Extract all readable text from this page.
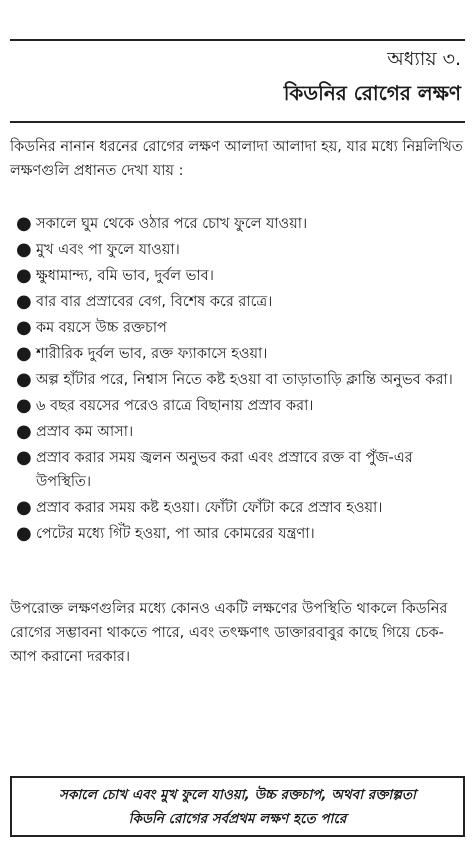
অধ্যায় ৩.
কিডনির রোগের লক্ষণ

কিডনির নানান ধরনের রোগের লক্ষণ আলাদা আলাদা হয়, যার মধ্যে নিম্নলিখিত লক্ষণগুলি প্রধানত দেখা যায় :

● সকালে ঘুম থেকে ওঠার পরে চোখ ফুলে যাওয়া।
● মুখ এবং পা ফুলে যাওয়া।
● ক্ষুধামান্দ্য, বমি ভাব, দুর্বল ভাব।
● বার বার প্রস্রাবের বেগ, বিশেষ করে রাত্রে।
● কম বয়সে উচ্চ রক্তচাপ
● শারীরিক দুর্বল ভাব, রক্ত ফ্যাকাসে হওয়া।
● অল্প হাঁটার পরে, নিশ্বাস নিতে কষ্ট হওয়া বা তাড়াতাড়ি ক্লান্তি অনুভব করা।
● ৬ বছর বয়সের পরেও রাত্রে বিছানায় প্রস্রাব করা।
● প্রস্রাব কম আসা।
● প্রস্রাব করার সময় জ্বলন অনুভব করা এবং প্রস্রাবে রক্ত বা পুঁজ-এর উপস্থিতি।
● প্রস্রাব করার সময় কষ্ট হওয়া। ফোঁটা ফোঁটা করে প্রস্রাব হওয়া।
● পেটের মধ্যে গিঁট হওয়া, পা আর কোমরের যন্ত্রণা।

উপরোক্ত লক্ষণগুলির মধ্যে কোনও একটি লক্ষণের উপস্থিতি থাকলে কিডনির রোগের সম্ভাবনা থাকতে পারে, এবং তৎক্ষণাৎ ডাক্তারবাবুর কাছে গিয়ে চেক-আপ করানো দরকার।

সকালে চোখ এবং মুখ ফুলে যাওয়া, উচ্চ রক্তচাপ, অথবা রক্তাল্পতা
কিডনি রোগের সর্বপ্রথম লক্ষণ হতে পারে
